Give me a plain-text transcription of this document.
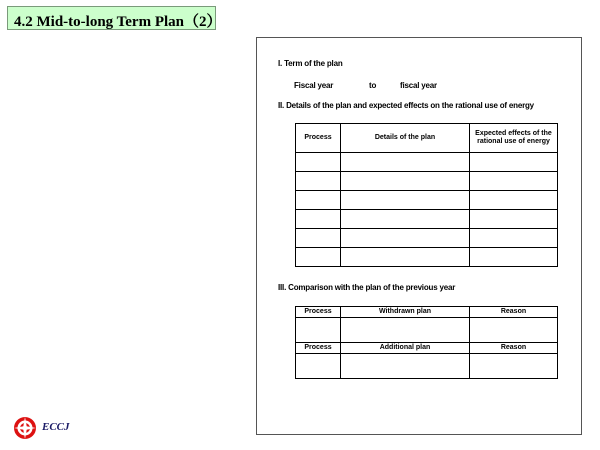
4.2 Mid-to-long Term Plan（2）
I. Term of the plan
Fiscal year	to	fiscal year
II. Details of the plan and expected effects on the rational use of energy
Process	Details of the plan	Expected effects of the rational use of energy

III. Comparison with the plan of the previous year
Process	Withdrawn plan	Reason

Process	Additional plan	Reason

ECCJ
